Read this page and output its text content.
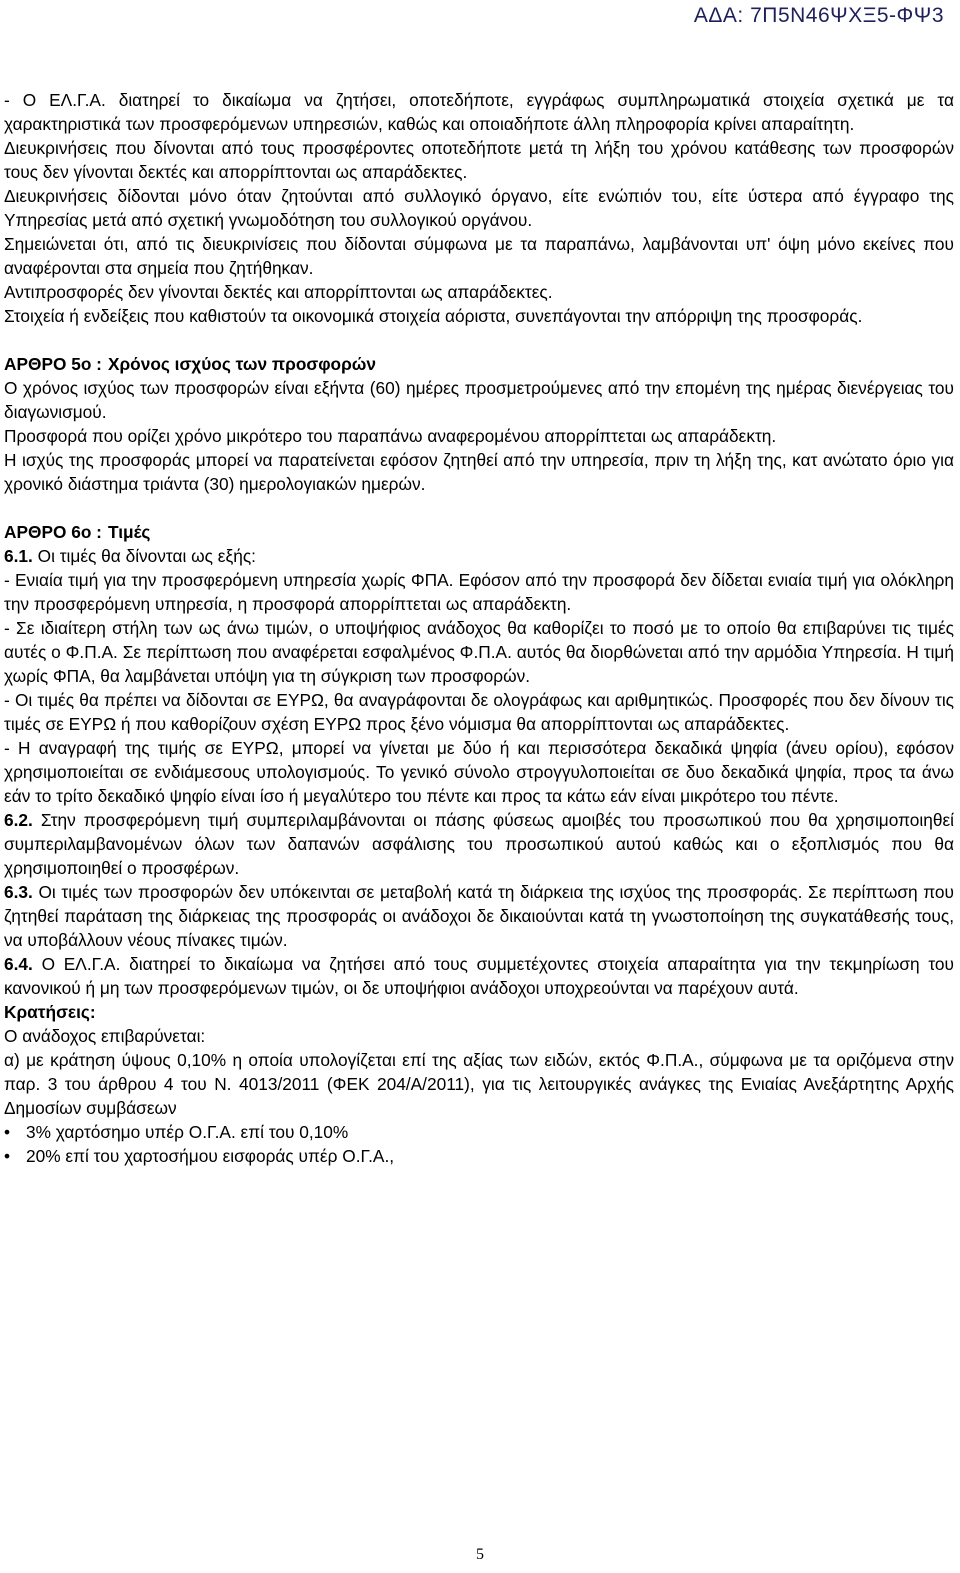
ΑΔΑ: 7Π5Ν46ΨΧΞ5-ΦΨ3

- Ο ΕΛ.Γ.Α. διατηρεί το δικαίωμα να ζητήσει, οποτεδήποτε, εγγράφως συμπληρωματικά στοιχεία σχετικά με τα χαρακτηριστικά των προσφερόμενων υπηρεσιών, καθώς και οποιαδήποτε άλλη πληροφορία κρίνει απαραίτητη.

Διευκρινήσεις που δίνονται από τους προσφέροντες οποτεδήποτε μετά τη λήξη του χρόνου κατάθεσης των προσφορών τους δεν γίνονται δεκτές και απορρίπτονται ως απαράδεκτες.

Διευκρινήσεις δίδονται μόνο όταν ζητούνται από συλλογικό όργανο, είτε ενώπιόν του, είτε ύστερα από έγγραφο της Υπηρεσίας μετά από σχετική γνωμοδότηση του συλλογικού οργάνου.

Σημειώνεται ότι, από τις διευκρινίσεις που δίδονται σύμφωνα με τα παραπάνω, λαμβάνονται υπ' όψη μόνο εκείνες που αναφέρονται στα σημεία που ζητήθηκαν.

Αντιπροσφορές δεν γίνονται δεκτές και απορρίπτονται ως απαράδεκτες.

Στοιχεία ή ενδείξεις που καθιστούν τα οικονομικά στοιχεία αόριστα, συνεπάγονται την απόρριψη της προσφοράς.

ΑΡΘΡΟ 5ο : Χρόνος ισχύος των προσφορών

Ο χρόνος ισχύος των προσφορών είναι εξήντα (60) ημέρες προσμετρούμενες από την επομένη της ημέρας διενέργειας του διαγωνισμού.

Προσφορά που ορίζει χρόνο μικρότερο του παραπάνω αναφερομένου απορρίπτεται ως απαράδεκτη.

Η ισχύς της προσφοράς μπορεί να παρατείνεται εφόσον ζητηθεί από την υπηρεσία, πριν τη λήξη της, κατ ανώτατο όριο για χρονικό διάστημα τριάντα (30) ημερολογιακών ημερών.

ΑΡΘΡΟ 6ο : Τιμές

6.1. Οι τιμές θα δίνονται ως εξής:

- Ενιαία τιμή για την προσφερόμενη υπηρεσία χωρίς ΦΠΑ. Εφόσον από την προσφορά δεν δίδεται ενιαία τιμή για ολόκληρη την προσφερόμενη υπηρεσία, η προσφορά απορρίπτεται ως απαράδεκτη.

- Σε ιδιαίτερη στήλη των ως άνω τιμών, ο υποψήφιος ανάδοχος θα καθορίζει το ποσό με το οποίο θα επιβαρύνει τις τιμές αυτές ο Φ.Π.Α. Σε περίπτωση που αναφέρεται εσφαλμένος Φ.Π.Α. αυτός θα διορθώνεται από την αρμόδια Υπηρεσία. Η τιμή χωρίς ΦΠΑ, θα λαμβάνεται υπόψη για τη σύγκριση των προσφορών.

- Οι τιμές θα πρέπει να δίδονται σε ΕΥΡΩ, θα αναγράφονται δε ολογράφως και αριθμητικώς. Προσφορές που δεν δίνουν τις τιμές σε ΕΥΡΩ ή που καθορίζουν σχέση ΕΥΡΩ προς ξένο νόμισμα θα απορρίπτονται ως απαράδεκτες.

- Η αναγραφή της τιμής σε ΕΥΡΩ, μπορεί να γίνεται με δύο ή και περισσότερα δεκαδικά ψηφία (άνευ ορίου), εφόσον χρησιμοποιείται σε ενδιάμεσους υπολογισμούς. Το γενικό σύνολο στρογγυλοποιείται σε δυο δεκαδικά ψηφία, προς τα άνω εάν το τρίτο δεκαδικό ψηφίο είναι ίσο ή μεγαλύτερο του πέντε και προς τα κάτω εάν είναι μικρότερο του πέντε.

6.2. Στην προσφερόμενη τιμή συμπεριλαμβάνονται οι πάσης φύσεως αμοιβές του προσωπικού που θα χρησιμοποιηθεί συμπεριλαμβανομένων όλων των δαπανών ασφάλισης του προσωπικού αυτού καθώς και ο εξοπλισμός που θα χρησιμοποιηθεί ο προσφέρων.

6.3. Οι τιμές των προσφορών δεν υπόκεινται σε μεταβολή κατά τη διάρκεια της ισχύος της προσφοράς. Σε περίπτωση που ζητηθεί παράταση της διάρκειας της προσφοράς οι ανάδοχοι δε δικαιούνται κατά τη γνωστοποίηση της συγκατάθεσής τους, να υποβάλλουν νέους πίνακες τιμών.

6.4. Ο ΕΛ.Γ.Α. διατηρεί το δικαίωμα να ζητήσει από τους συμμετέχοντες στοιχεία απαραίτητα για την τεκμηρίωση του κανονικού ή μη των προσφερόμενων τιμών, οι δε υποψήφιοι ανάδοχοι υποχρεούνται να παρέχουν αυτά.

Κρατήσεις:

Ο ανάδοχος επιβαρύνεται:

α) με κράτηση ύψους 0,10% η οποία υπολογίζεται επί της αξίας των ειδών, εκτός Φ.Π.Α., σύμφωνα με τα οριζόμενα στην παρ. 3 του άρθρου 4 του Ν. 4013/2011 (ΦΕΚ 204/Α/2011), για τις λειτουργικές ανάγκες της Ενιαίας Ανεξάρτητης Αρχής Δημοσίων συμβάσεων

• 3% χαρτόσημο υπέρ Ο.Γ.Α. επί του 0,10%

• 20% επί του χαρτοσήμου εισφοράς υπέρ Ο.Γ.Α.,

5
